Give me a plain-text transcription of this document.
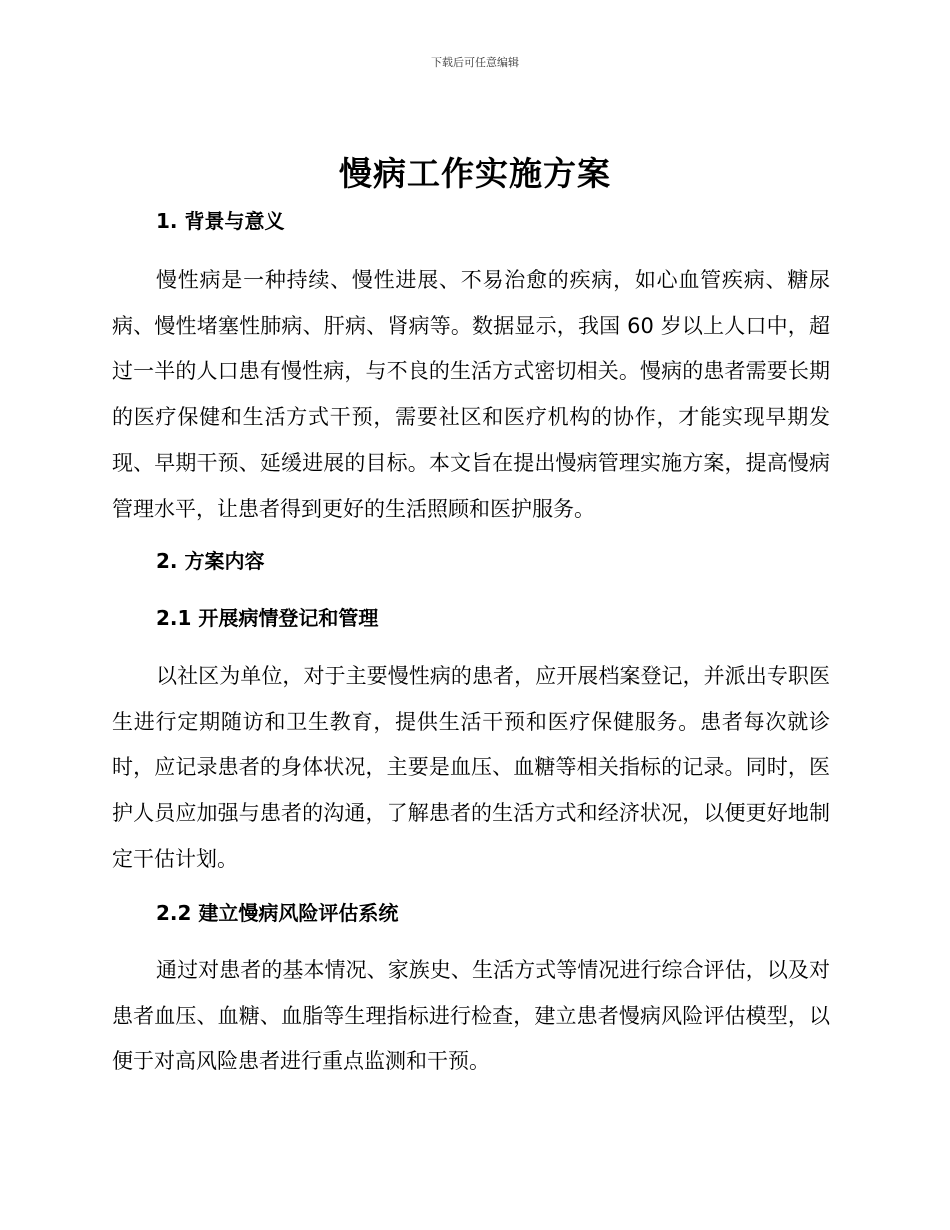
下载后可任意编辑
慢病工作实施方案
1. 背景与意义

慢性病是一种持续、慢性进展、不易治愈的疾病，如心血管疾病、糖尿病、慢性堵塞性肺病、肝病、肾病等。数据显示，我国 60 岁以上人口中，超过一半的人口患有慢性病，与不良的生活方式密切相关。慢病的患者需要长期的医疗保健和生活方式干预，需要社区和医疗机构的协作，才能实现早期发现、早期干预、延缓进展的目标。本文旨在提出慢病管理实施方案，提高慢病管理水平，让患者得到更好的生活照顾和医护服务。

2. 方案内容
2.1 开展病情登记和管理

以社区为单位，对于主要慢性病的患者，应开展档案登记，并派出专职医生进行定期随访和卫生教育，提供生活干预和医疗保健服务。患者每次就诊时，应记录患者的身体状况，主要是血压、血糖等相关指标的记录。同时，医护人员应加强与患者的沟通，了解患者的生活方式和经济状况，以便更好地制定干估计划。

2.2 建立慢病风险评估系统

通过对患者的基本情况、家族史、生活方式等情况进行综合评估，以及对患者血压、血糖、血脂等生理指标进行检查，建立患者慢病风险评估模型，以便于对高风险患者进行重点监测和干预。
